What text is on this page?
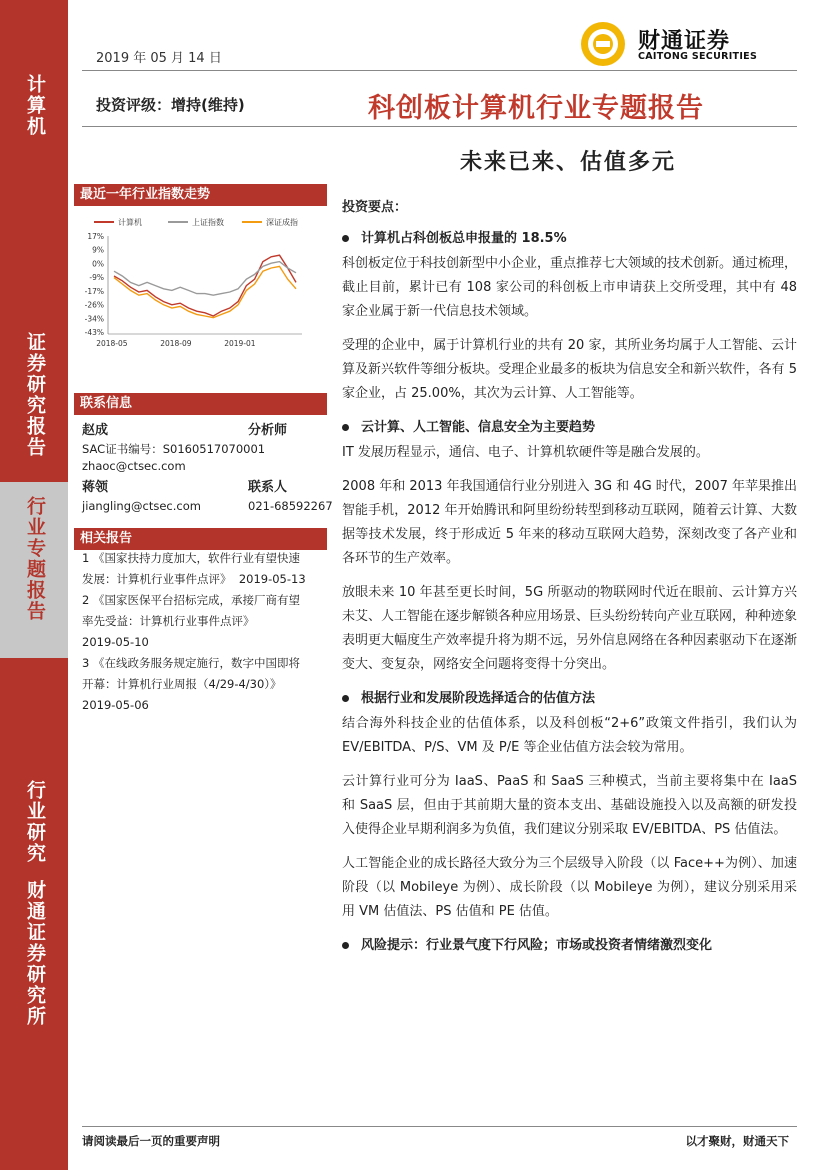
计算机
证券研究报告
行业专题报告
行业研究
财通证券研究所
2019 年 05 月 14 日
财通证券
CAITONG SECURITIES
投资评级：增持(维持)	科创板计算机行业专题报告
未来已来、估值多元
最近一年行业指数走势
计算机	上证指数	深证成指
17%
9%
0%
-9%
-17%
-26%
-34%
-43%
2018-05	2018-09	2019-01
联系信息
赵成	分析师
SAC证书编号：S0160517070001
zhaoc@ctsec.com
蒋领	联系人
jiangling@ctsec.com	021-68592267
相关报告
1 《国家扶持力度加大，软件行业有望快速
发展：计算机行业事件点评》 2019-05-13
2 《国家医保平台招标完成，承接厂商有望
率先受益：计算机行业事件点评》
2019-05-10
3 《在线政务服务规定施行，数字中国即将
开幕：计算机行业周报（4/29-4/30）》
2019-05-06
投资要点：
计算机占科创板总申报量的 18.5%
科创板定位于科技创新型中小企业，重点推荐七大领域的技术创新。通过梳理，截止目前，累计已有 108 家公司的科创板上市申请获上交所受理，其中有 48 家企业属于新一代信息技术领域。
受理的企业中，属于计算机行业的共有 20 家，其所业务均属于人工智能、云计算及新兴软件等细分板块。受理企业最多的板块为信息安全和新兴软件，各有 5 家企业，占 25.00%，其次为云计算、人工智能等。
云计算、人工智能、信息安全为主要趋势
IT 发展历程显示，通信、电子、计算机软硬件等是融合发展的。
2008 年和 2013 年我国通信行业分别进入 3G 和 4G 时代，2007 年苹果推出智能手机，2012 年开始腾讯和阿里纷纷转型到移动互联网，随着云计算、大数据等技术发展，终于形成近 5 年来的移动互联网大趋势，深刻改变了各产业和各环节的生产效率。
放眼未来 10 年甚至更长时间，5G 所驱动的物联网时代近在眼前、云计算方兴未艾、人工智能在逐步解锁各种应用场景、巨头纷纷转向产业互联网，种种迹象表明更大幅度生产效率提升将为期不远，另外信息网络在各种因素驱动下在逐渐变大、变复杂，网络安全问题将变得十分突出。
根据行业和发展阶段选择适合的估值方法
结合海外科技企业的估值体系，以及科创板“2+6”政策文件指引，我们认为 EV/EBITDA、P/S、VM 及 P/E 等企业估值方法会较为常用。
云计算行业可分为 IaaS、PaaS 和 SaaS 三种模式，当前主要将集中在 IaaS 和 SaaS 层，但由于其前期大量的资本支出、基础设施投入以及高额的研发投入使得企业早期利润多为负值，我们建议分别采取 EV/EBITDA、PS 估值法。
人工智能企业的成长路径大致分为三个层级导入阶段（以 Face++为例）、加速阶段（以 Mobileye 为例）、成长阶段（以 Mobileye 为例），建议分别采用采用 VM 估值法、PS 估值和 PE 估值。
风险提示：行业景气度下行风险；市场或投资者情绪激烈变化
请阅读最后一页的重要声明	以才聚财，财通天下
